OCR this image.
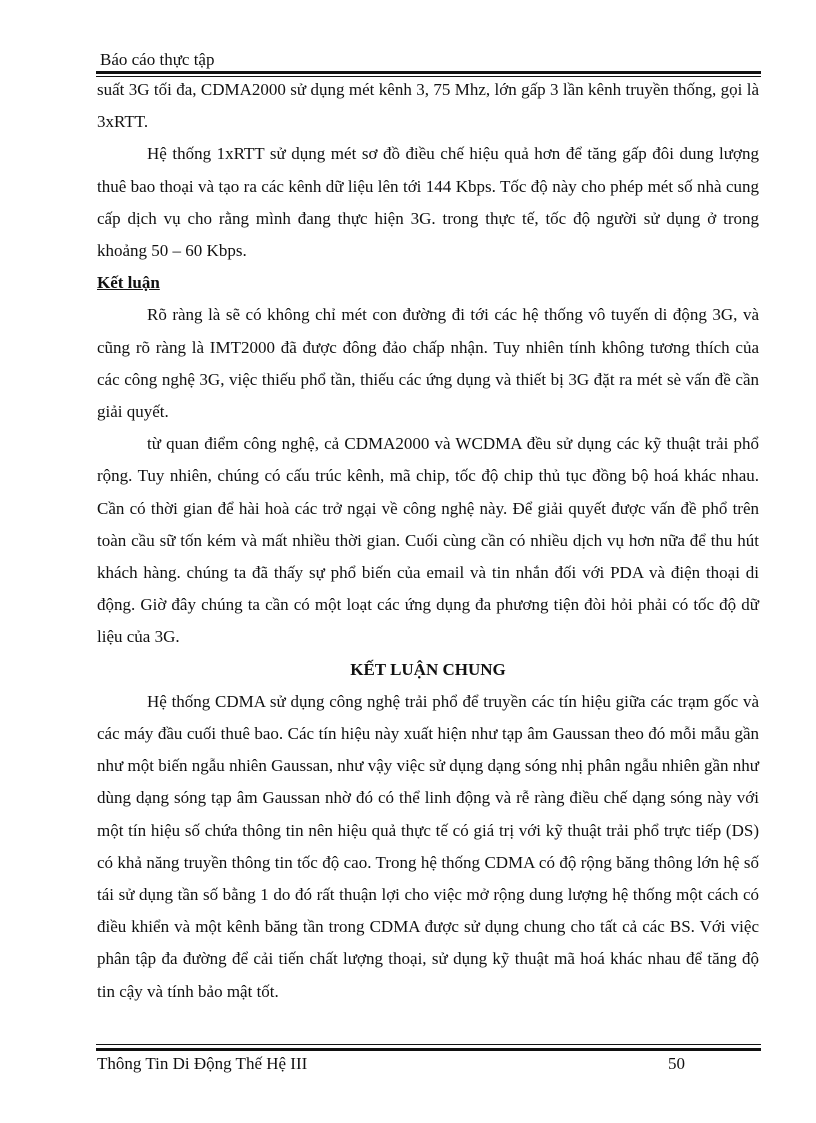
Báo cáo thực tập

suất 3G tối đa, CDMA2000 sử dụng mét kênh 3, 75 Mhz, lớn gấp 3 lần kênh truyền thống, gọi là 3xRTT.

Hệ thống 1xRTT sử dụng mét sơ đồ điều chế hiệu quả hơn để tăng gấp đôi dung lượng thuê bao thoại và tạo ra các kênh dữ liệu lên tới 144 Kbps. Tốc độ này cho phép mét số nhà cung cấp dịch vụ cho rằng mình đang thực hiện 3G. trong thực tế, tốc độ người sử dụng ở trong khoảng 50 – 60 Kbps.

Kết luận

Rõ ràng là sẽ có không chỉ mét con đường đi tới các hệ thống vô tuyến di động 3G, và cũng rõ ràng là IMT2000 đã được đông đảo chấp nhận. Tuy nhiên tính không tương thích của các công nghệ 3G, việc thiếu phổ tần, thiếu các ứng dụng và thiết bị 3G đặt ra mét sè vấn đề cần giải quyết.

từ quan điểm công nghệ, cả CDMA2000 và WCDMA đều sử dụng các kỹ thuật trải phổ rộng. Tuy nhiên, chúng có cấu trúc kênh, mã chip, tốc độ chip thủ tục đồng bộ hoá khác nhau. Cần có thời gian để hài hoà các trở ngại về công nghệ này. Để giải quyết được vấn đề phổ trên toàn cầu sữ tốn kém và mất nhiều thời gian. Cuối cùng cần có nhiều dịch vụ hơn nữa để thu hút khách hàng. chúng ta đã thấy sự phổ biến của email và tin nhắn đối với PDA và điện thoại di động. Giờ đây chúng ta cần có một loạt các ứng dụng đa phương tiện đòi hỏi phải có tốc độ dữ liệu của 3G.

KẾT LUẬN CHUNG

Hệ thống CDMA sử dụng công nghệ trải phổ để truyền các tín hiệu giữa các trạm gốc và các máy đầu cuối thuê bao. Các tín hiệu này xuất hiện như tạp âm Gaussan theo đó mỗi mẫu gần như một biến ngẫu nhiên Gaussan, như vậy việc sử dụng dạng sóng nhị phân ngẫu nhiên gần như dùng dạng sóng tạp âm Gaussan nhờ đó có thể linh động và rễ ràng điều chế dạng sóng này với một tín hiệu số chứa thông tin nên hiệu quả thực tế có giá trị với kỹ thuật trải phổ trực tiếp (DS) có khả năng truyền thông tin tốc độ cao. Trong hệ thống CDMA có độ rộng băng thông lớn hệ số tái sử dụng tần số bằng 1 do đó rất thuận lợi cho việc mở rộng dung lượng hệ thống một cách có điều khiển và một kênh băng tần trong CDMA được sử dụng chung cho tất cả các BS. Với việc phân tập đa đường để cải tiến chất lượng thoại, sử dụng kỹ thuật mã hoá khác nhau để tăng độ tin cậy và tính bảo mật tốt.

Thông Tin Di Động Thế Hệ III	50
